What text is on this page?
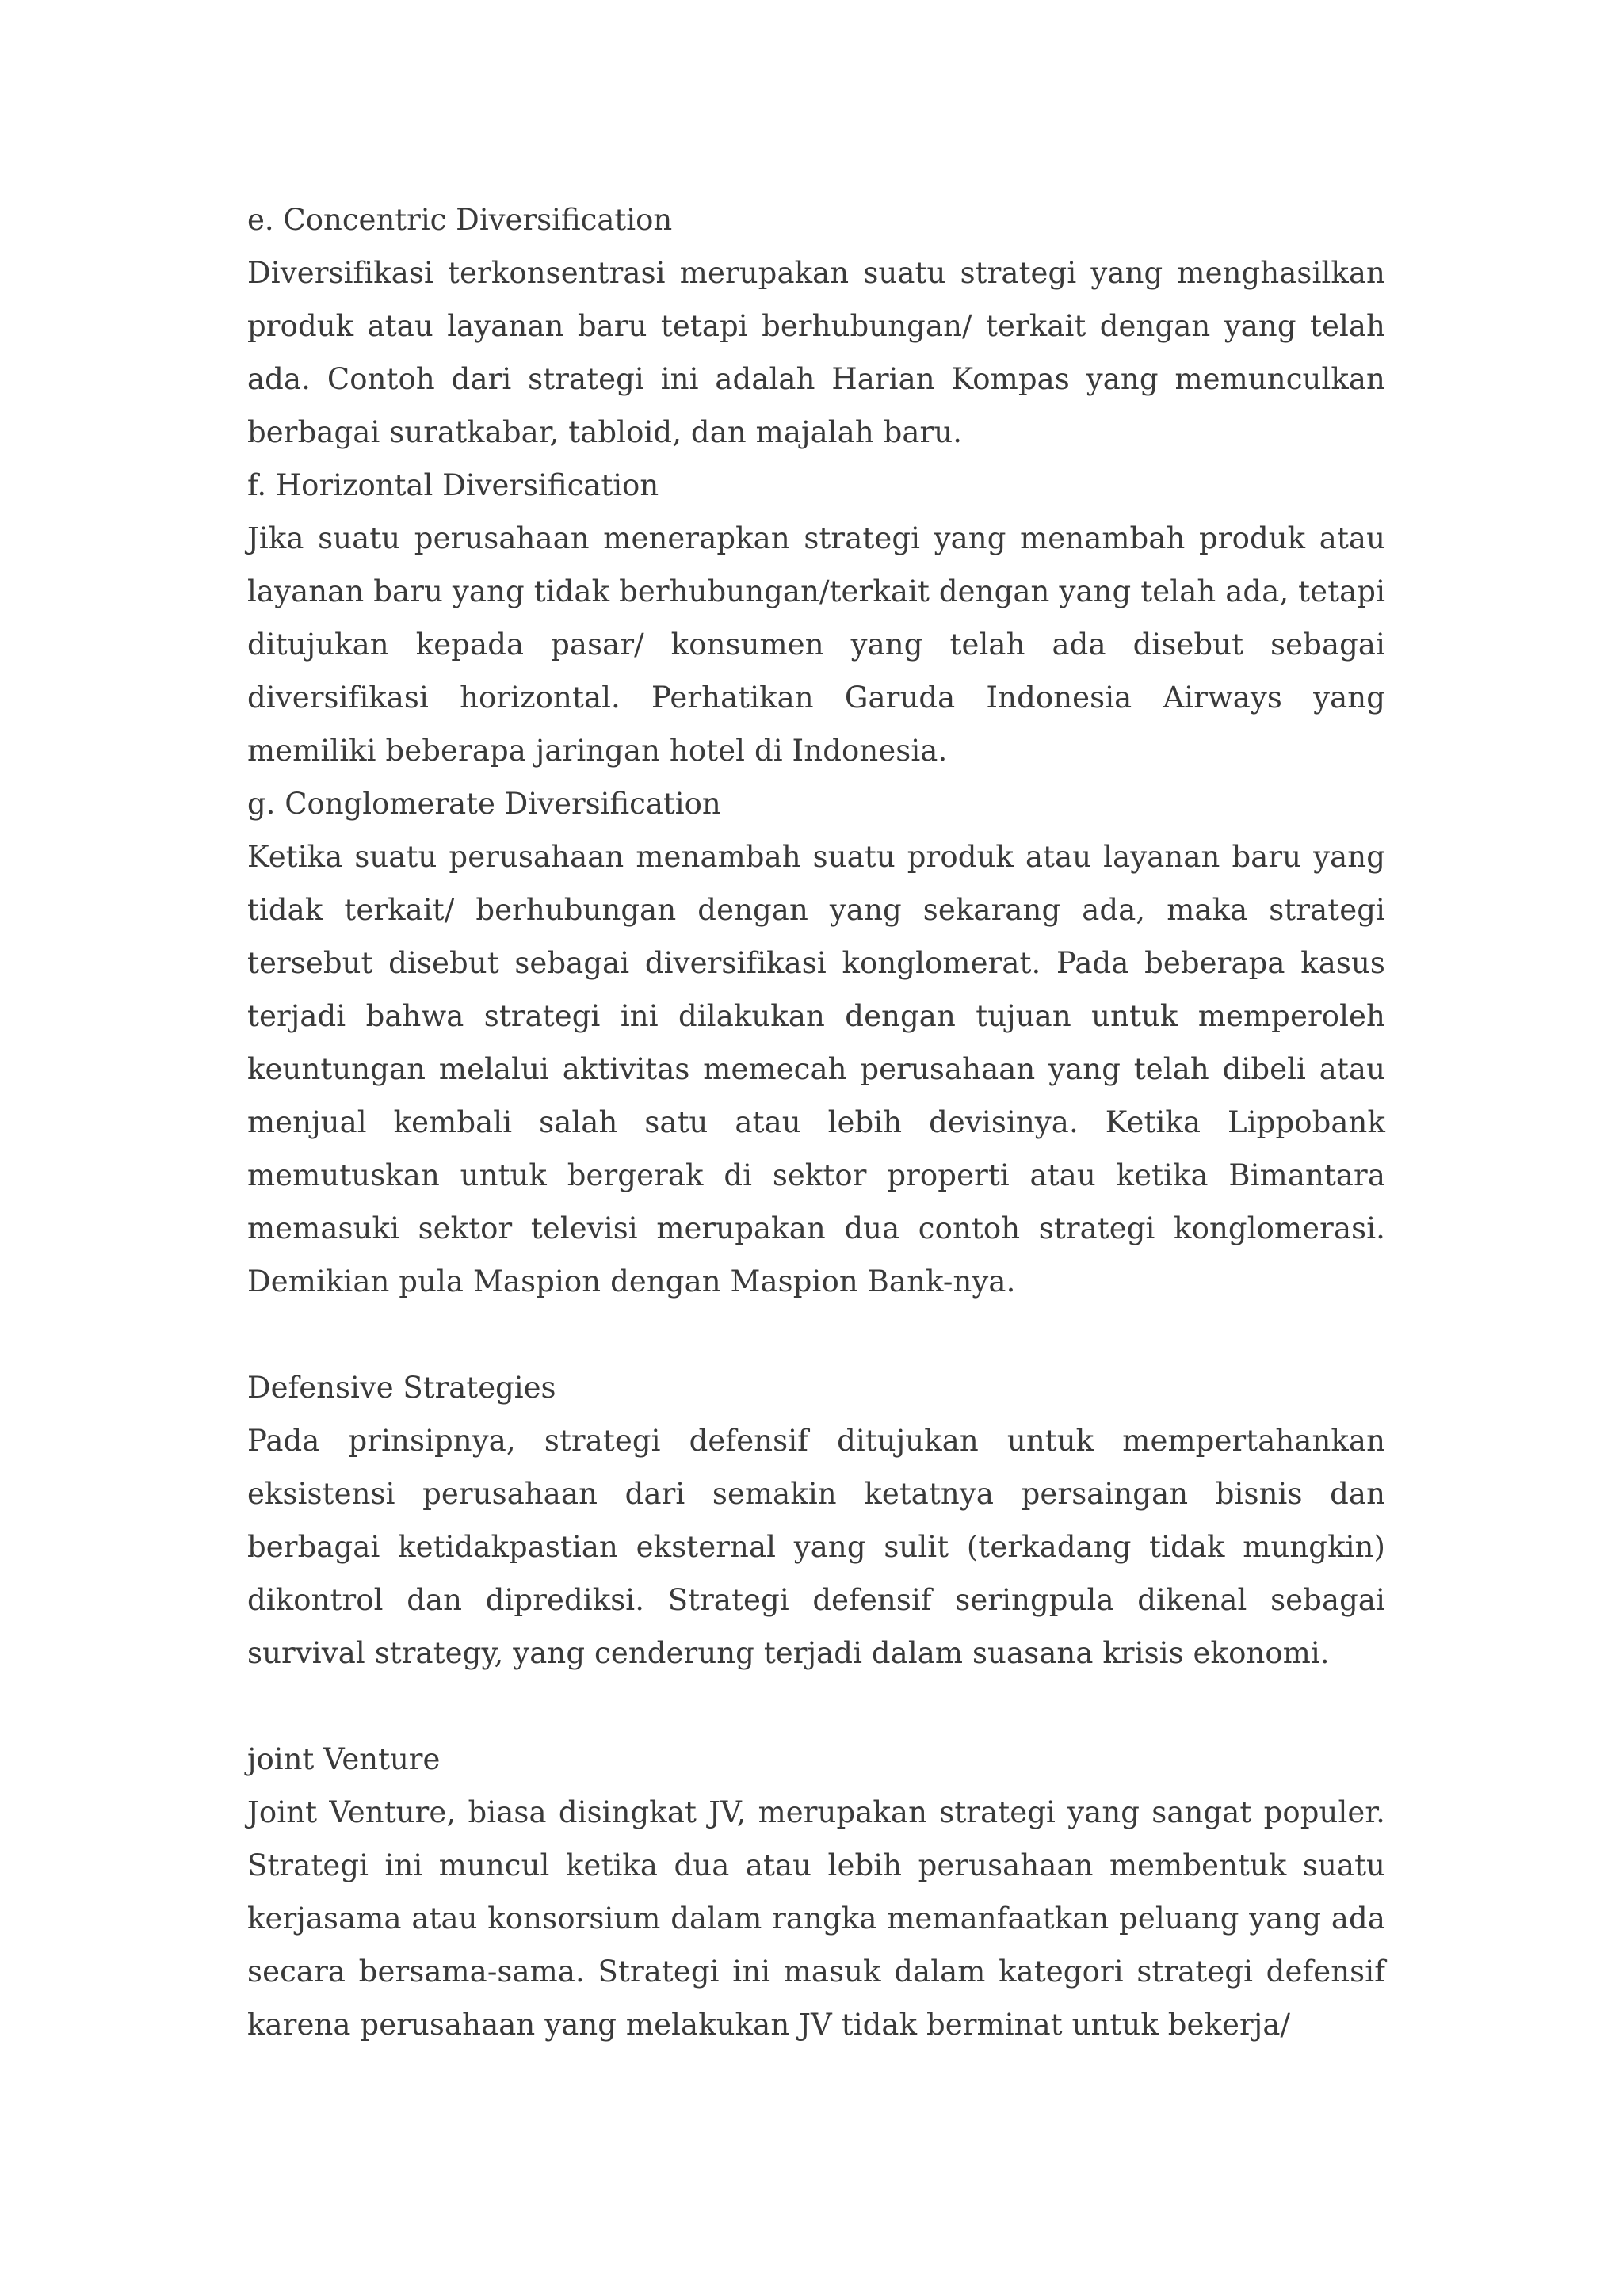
e. Concentric Diversification

Diversifikasi terkonsentrasi merupakan suatu strategi yang menghasilkan produk atau layanan baru tetapi berhubungan/ terkait dengan yang telah ada. Contoh dari strategi ini adalah Harian Kompas yang memunculkan berbagai suratkabar, tabloid, dan majalah baru.

f. Horizontal Diversification

Jika suatu perusahaan menerapkan strategi yang menambah produk atau layanan baru yang tidak berhubungan/terkait dengan yang telah ada, tetapi ditujukan kepada pasar/ konsumen yang telah ada disebut sebagai diversifikasi horizontal. Perhatikan Garuda Indonesia Airways yang memiliki beberapa jaringan hotel di Indonesia.

g. Conglomerate Diversification

Ketika suatu perusahaan menambah suatu produk atau layanan baru yang tidak terkait/ berhubungan dengan yang sekarang ada, maka strategi tersebut disebut sebagai diversifikasi konglomerat. Pada beberapa kasus terjadi bahwa strategi ini dilakukan dengan tujuan untuk memperoleh keuntungan melalui aktivitas memecah perusahaan yang telah dibeli atau menjual kembali salah satu atau lebih devisinya. Ketika Lippobank memutuskan untuk bergerak di sektor properti atau ketika Bimantara memasuki sektor televisi merupakan dua contoh strategi konglomerasi. Demikian pula Maspion dengan Maspion Bank-nya.

Defensive Strategies

Pada prinsipnya, strategi defensif ditujukan untuk mempertahankan eksistensi perusahaan dari semakin ketatnya persaingan bisnis dan berbagai ketidakpastian eksternal yang sulit (terkadang tidak mungkin) dikontrol dan diprediksi. Strategi defensif seringpula dikenal sebagai survival strategy, yang cenderung terjadi dalam suasana krisis ekonomi.

joint Venture

Joint Venture, biasa disingkat JV, merupakan strategi yang sangat populer. Strategi ini muncul ketika dua atau lebih perusahaan membentuk suatu kerjasama atau konsorsium dalam rangka memanfaatkan peluang yang ada secara bersama-sama. Strategi ini masuk dalam kategori strategi defensif karena perusahaan yang melakukan JV tidak berminat untuk bekerja/
